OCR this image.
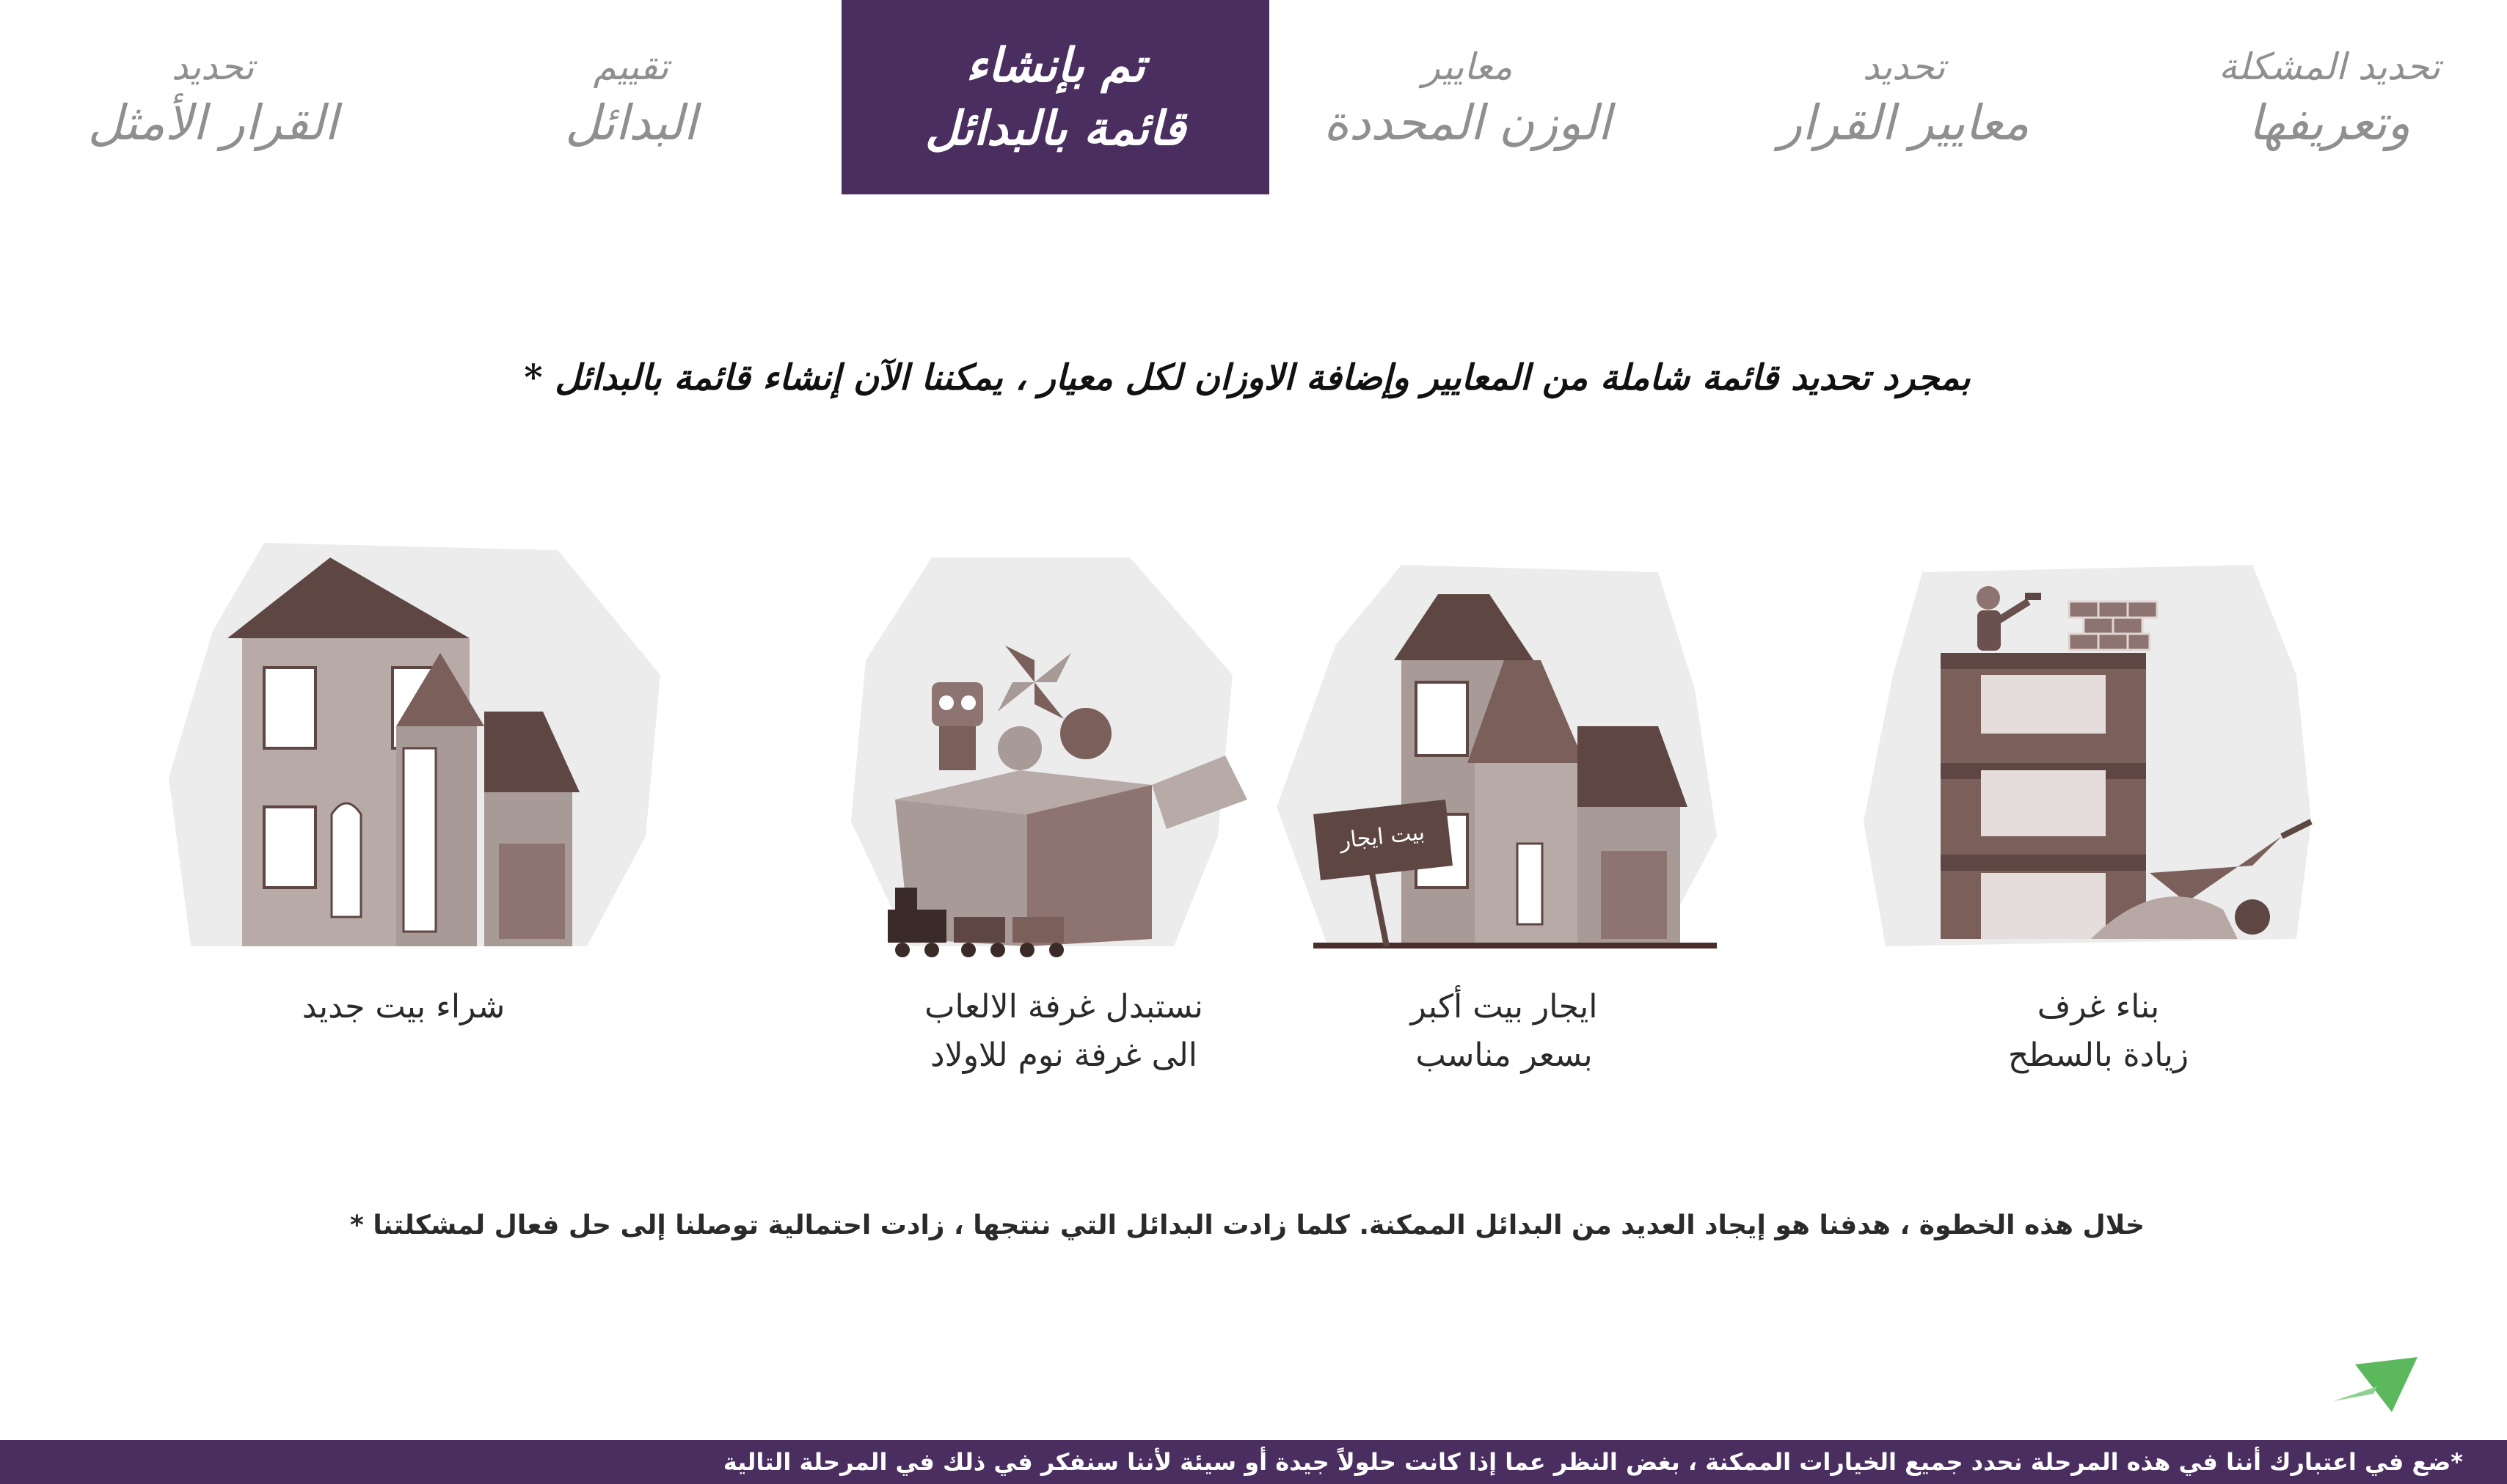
تحديد المشكلة
وتعريفها
تحديد
معايير القرار
معايير
الوزن المحددة
تم بإنشاء
قائمة بالبدائل
تقييم
البدائل
تحديد
القرار الأمثل
بمجرد تحديد قائمة شاملة من المعايير وإضافة الاوزان لكل معيار ، يمكننا الآن إنشاء قائمة بالبدائل *
بناء غرف
زيادة بالسطح
بيت ايجار
ايجار بيت أكبر
بسعر مناسب
نستبدل غرفة الالعاب
الى غرفة نوم للاولاد
شراء بيت جديد
خلال هذه الخطوة ، هدفنا هو إيجاد العديد من البدائل الممكنة. كلما زادت البدائل التي ننتجها ، زادت احتمالية توصلنا إلى حل فعال لمشكلتنا *
*ضع في اعتبارك أننا في هذه المرحلة نحدد جميع الخيارات الممكنة ، بغض النظر عما إذا كانت حلولاً جيدة أو سيئة لأننا سنفكر في ذلك في المرحلة التالية
